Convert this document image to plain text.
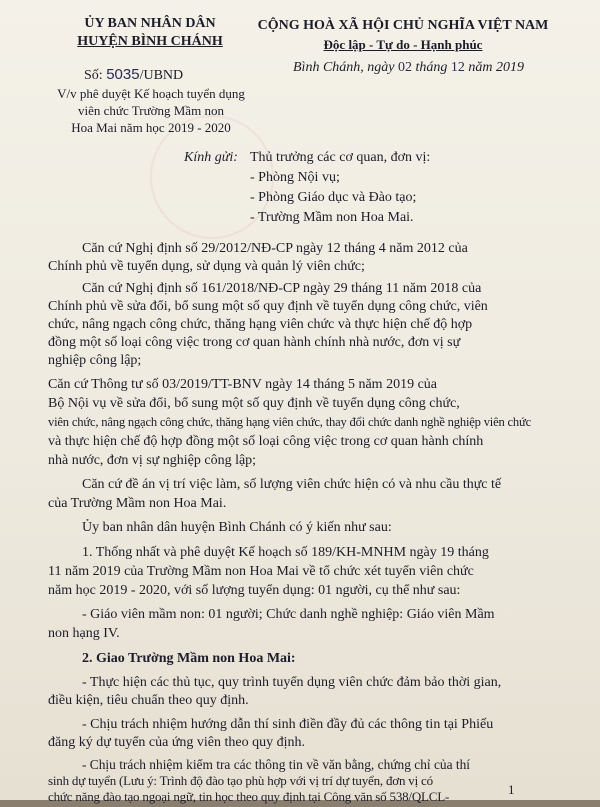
ỦY BAN NHÂN DÂN
HUYỆN BÌNH CHÁNH
Số: 5035/UBND
V/v phê duyệt Kế hoạch tuyển dụng
viên chức Trường Mầm non
Hoa Mai năm học 2019 - 2020
CỘNG HOÀ XÃ HỘI CHỦ NGHĨA VIỆT NAM
Độc lập - Tự do - Hạnh phúc
Bình Chánh, ngày 02 tháng 12 năm 2019
Kính gửi: Thủ trưởng các cơ quan, đơn vị:
- Phòng Nội vụ;
- Phòng Giáo dục và Đào tạo;
- Trường Mầm non Hoa Mai.
Căn cứ Nghị định số 29/2012/NĐ-CP ngày 12 tháng 4 năm 2012 của
Chính phủ về tuyển dụng, sử dụng và quản lý viên chức;
Căn cứ Nghị định số 161/2018/NĐ-CP ngày 29 tháng 11 năm 2018 của
Chính phủ về sửa đổi, bổ sung một số quy định về tuyển dụng công chức, viên
chức, nâng ngạch công chức, thăng hạng viên chức và thực hiện chế độ hợp
đồng một số loại công việc trong cơ quan hành chính nhà nước, đơn vị sự
nghiệp công lập;
Căn cứ Thông tư số 03/2019/TT-BNV ngày 14 tháng 5 năm 2019 của
Bộ Nội vụ về sửa đổi, bổ sung một số quy định về tuyển dụng công chức,
viên chức, nâng ngạch công chức, thăng hạng viên chức, thay đổi chức danh nghề nghiệp viên chức
và thực hiện chế độ hợp đồng một số loại công việc trong cơ quan hành chính
nhà nước, đơn vị sự nghiệp công lập;
Căn cứ đề án vị trí việc làm, số lượng viên chức hiện có và nhu cầu thực tế
của Trường Mầm non Hoa Mai.
Ủy ban nhân dân huyện Bình Chánh có ý kiến như sau:
1. Thống nhất và phê duyệt Kế hoạch số 189/KH-MNHM ngày 19 tháng
11 năm 2019 của Trường Mầm non Hoa Mai về tổ chức xét tuyển viên chức
năm học 2019 - 2020, với số lượng tuyển dụng: 01 người, cụ thể như sau:
- Giáo viên mầm non: 01 người; Chức danh nghề nghiệp: Giáo viên Mầm
non hạng IV.
2. Giao Trường Mầm non Hoa Mai:
- Thực hiện các thủ tục, quy trình tuyển dụng viên chức đảm bảo thời gian,
điều kiện, tiêu chuẩn theo quy định.
- Chịu trách nhiệm hướng dẫn thí sinh điền đầy đủ các thông tin tại Phiếu
đăng ký dự tuyển của ứng viên theo quy định.
- Chịu trách nhiệm kiểm tra các thông tin về văn bằng, chứng chỉ của thí
sinh dự tuyển (Lưu ý: Trình độ đào tạo phù hợp với vị trí dự tuyển, đơn vị có
chức năng đào tạo ngoại ngữ, tin học theo quy định tại Công văn số 538/QLCL-	1
